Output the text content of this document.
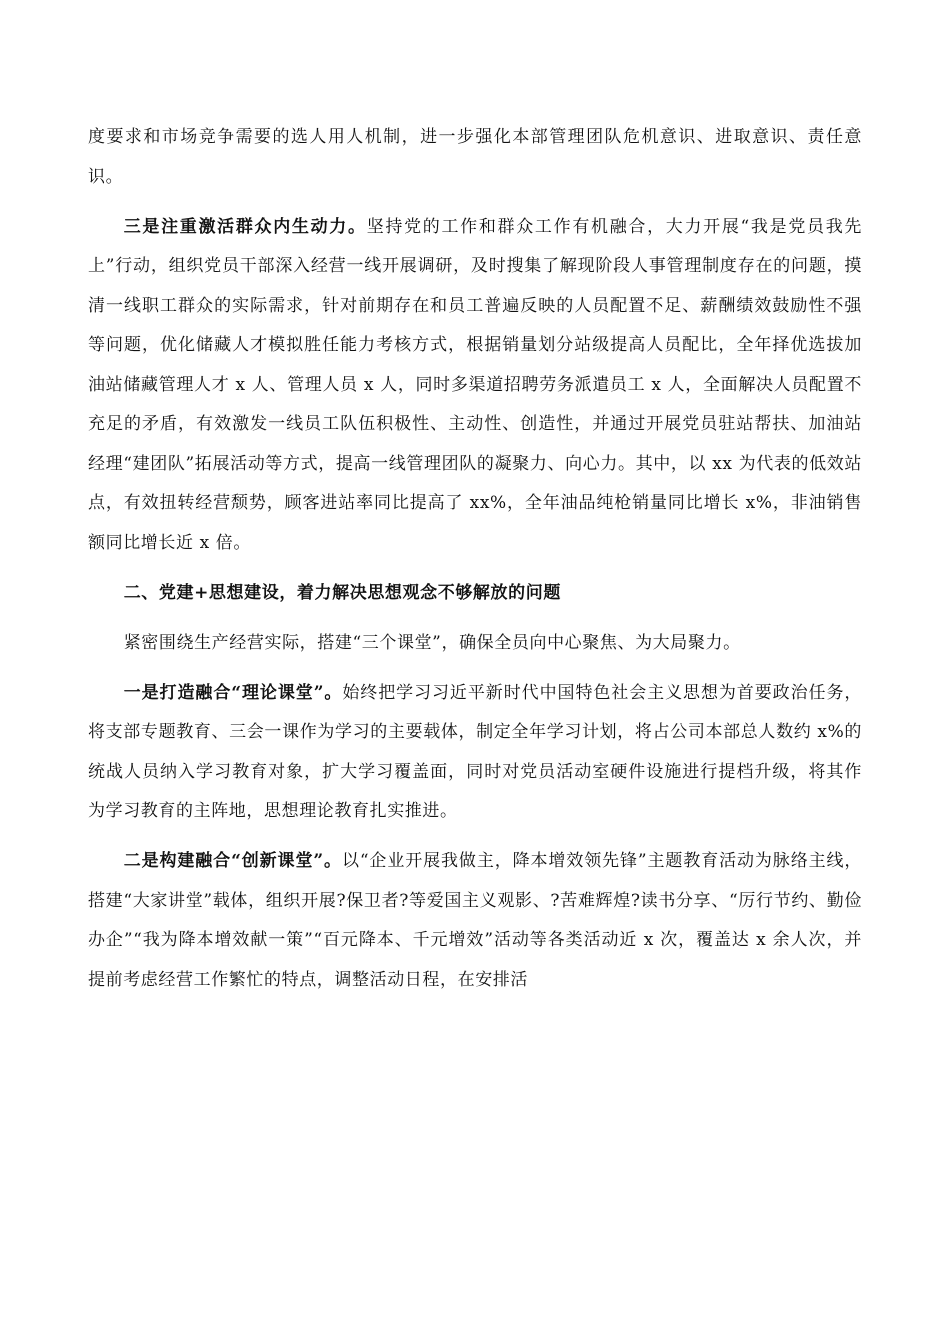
度要求和市场竞争需要的选人用人机制，进一步强化本部管理团队危机意识、进取意识、责任意识。

三是注重激活群众内生动力。坚持党的工作和群众工作有机融合，大力开展“我是党员我先上”行动，组织党员干部深入经营一线开展调研，及时搜集了解现阶段人事管理制度存在的问题，摸清一线职工群众的实际需求，针对前期存在和员工普遍反映的人员配置不足、薪酬绩效鼓励性不强等问题，优化储藏人才模拟胜任能力考核方式，根据销量划分站级提高人员配比，全年择优选拔加油站储藏管理人才 x 人、管理人员 x 人，同时多渠道招聘劳务派遣员工 x 人，全面解决人员配置不充足的矛盾，有效激发一线员工队伍积极性、主动性、创造性，并通过开展党员驻站帮扶、加油站经理“建团队”拓展活动等方式，提高一线管理团队的凝聚力、向心力。其中，以 xx 为代表的低效站点，有效扭转经营颓势，顾客进站率同比提高了 xx%，全年油品纯枪销量同比增长 x%，非油销售额同比增长近 x 倍。

二、党建+思想建设，着力解决思想观念不够解放的问题

紧密围绕生产经营实际，搭建“三个课堂”，确保全员向中心聚焦、为大局聚力。

一是打造融合“理论课堂”。始终把学习习近平新时代中国特色社会主义思想为首要政治任务，将支部专题教育、三会一课作为学习的主要载体，制定全年学习计划，将占公司本部总人数约 x%的统战人员纳入学习教育对象，扩大学习覆盖面，同时对党员活动室硬件设施进行提档升级，将其作为学习教育的主阵地，思想理论教育扎实推进。

二是构建融合“创新课堂”。以“企业开展我做主，降本增效领先锋”主题教育活动为脉络主线，搭建“大家讲堂”载体，组织开展?保卫者?等爱国主义观影、?苦难辉煌?读书分享、“厉行节约、勤俭办企”“我为降本增效献一策”“百元降本、千元增效”活动等各类活动近 x 次，覆盖达 x 余人次，并提前考虑经营工作繁忙的特点，调整活动日程，在安排活
